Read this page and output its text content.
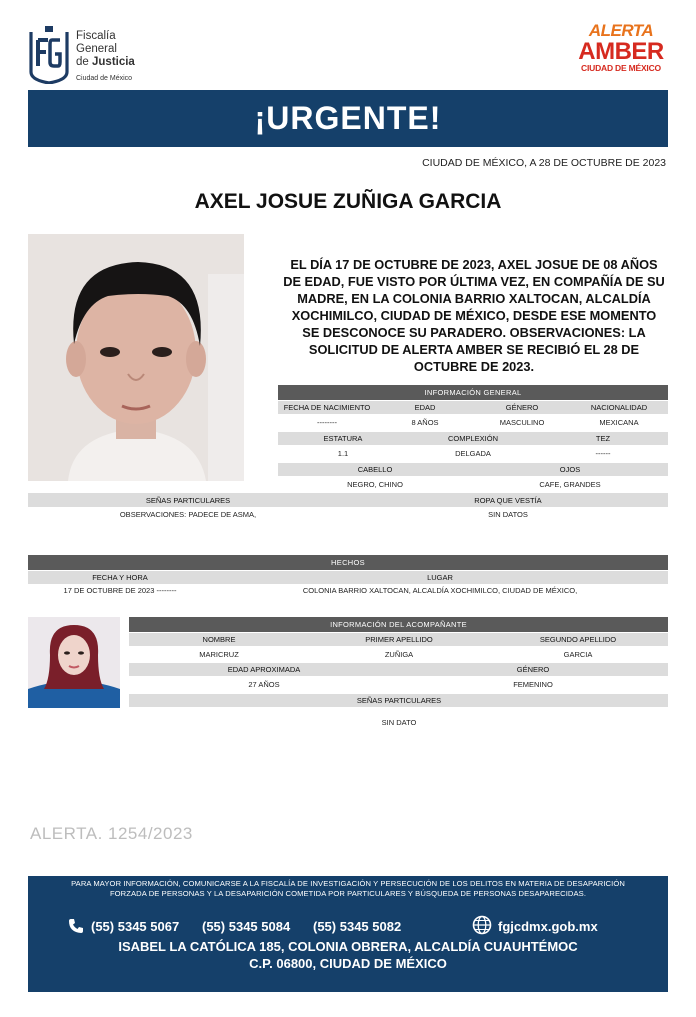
Fiscalía
General
de Justicia
Ciudad de México
ALERTA
AMBER
CIUDAD DE MÉXICO
¡URGENTE!
CIUDAD DE MÉXICO, A 28 DE OCTUBRE DE 2023
AXEL JOSUE ZUÑIGA GARCIA
EL DÍA 17 DE OCTUBRE DE 2023, AXEL JOSUE DE 08 AÑOS DE EDAD, FUE VISTO POR ÚLTIMA VEZ, EN COMPAÑÍA DE SU MADRE, EN LA COLONIA BARRIO XALTOCAN, ALCALDÍA XOCHIMILCO, CIUDAD DE MÉXICO, DESDE ESE MOMENTO SE DESCONOCE SU PARADERO. OBSERVACIONES: LA SOLICITUD DE ALERTA AMBER SE RECIBIÓ EL 28 DE OCTUBRE DE 2023.
INFORMACIÓN GENERAL
FECHA DE NACIMIENTO	EDAD	GÉNERO	NACIONALIDAD
--------	8 AÑOS	MASCULINO	MEXICANA
ESTATURA	COMPLEXIÓN	TEZ
1.1	DELGADA	------
CABELLO	OJOS
NEGRO, CHINO	CAFE, GRANDES
SEÑAS PARTICULARES	ROPA QUE VESTÍA
OBSERVACIONES: PADECE DE ASMA,	SIN DATOS
HECHOS
FECHA Y HORA	LUGAR
17 DE OCTUBRE DE 2023 --------	COLONIA BARRIO XALTOCAN, ALCALDÍA XOCHIMILCO, CIUDAD DE MÉXICO,
INFORMACIÓN DEL ACOMPAÑANTE
NOMBRE	PRIMER APELLIDO	SEGUNDO APELLIDO
MARICRUZ	ZUÑIGA	GARCIA
EDAD APROXIMADA	GÉNERO
27 AÑOS	FEMENINO
SEÑAS PARTICULARES
SIN DATO
ALERTA. 1254/2023
PARA MAYOR INFORMACIÓN, COMUNICARSE A LA FISCALÍA DE INVESTIGACIÓN Y PERSECUCIÓN DE LOS DELITOS EN MATERIA DE DESAPARICIÓN
FORZADA DE PERSONAS Y LA DESAPARICIÓN COMETIDA POR PARTICULARES Y BÚSQUEDA DE PERSONAS DESAPARECIDAS.
(55) 5345 5067 (55) 5345 5084 (55) 5345 5082	fgjcdmx.gob.mx
ISABEL LA CATÓLICA 185, COLONIA OBRERA, ALCALDÍA CUAUHTÉMOC
C.P. 06800, CIUDAD DE MÉXICO
